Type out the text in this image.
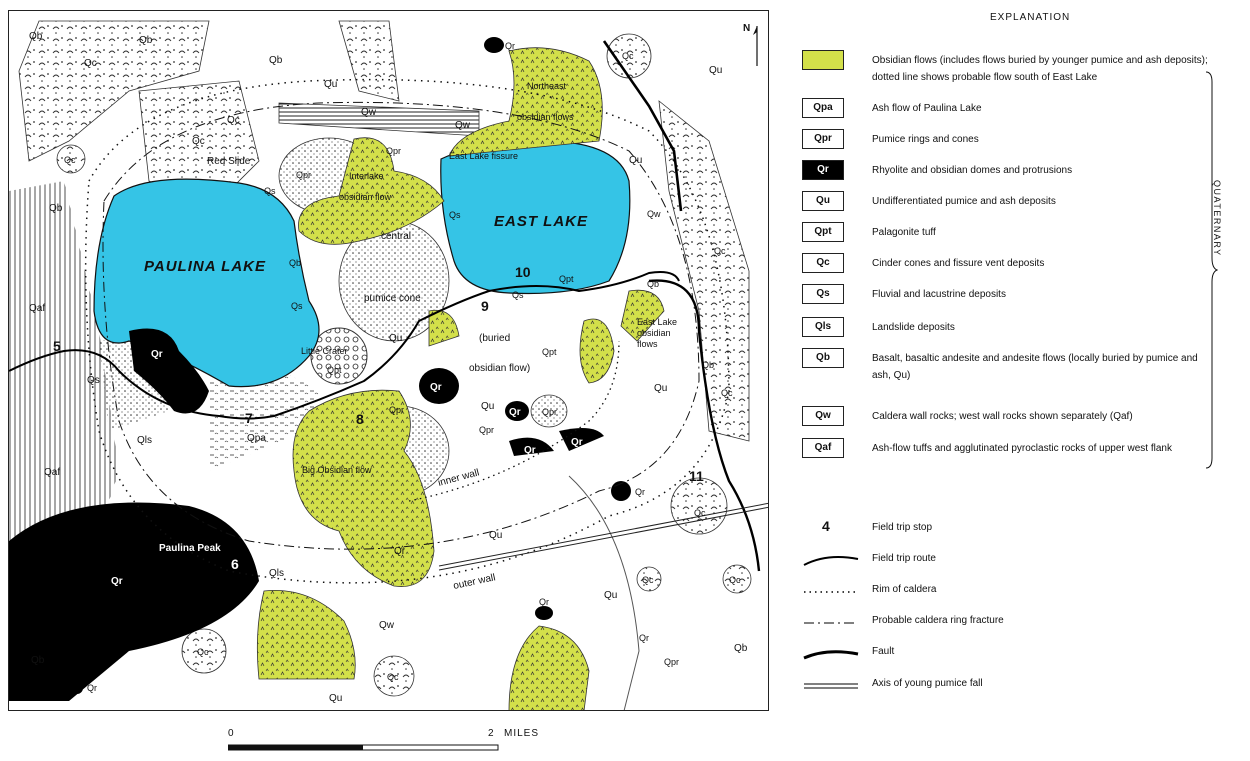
N
PAULINA LAKE
EAST LAKE
Red Slide
Little Crater
central
pumice cone
(buried
obsidian flow)
East Lake fissure
Interlake
obsidian flow
Northeast
obsidian flows
East Lake
obsidian
flows
Big Obsidian flow	inner wall
outer wall
Paulina Peak
Qb	Qb
Qb
Qc
Qc
Qc
Qc
Qc
Qc
Qc
Qc
Qc	Qc
Qc
Qc
Qb
Qb
Qb
Qb
Qb
Qb
Qu
Qu
Qu
Qu
Qu
Qu
Qu
Qu
Qu
Qr
Qr
Qr
Qr
Qr
Qr
Qr
Qr
Qr
Qr
Qr
Qr
Qs
Qs
Qs
Qs
Qs
Qls
Qls
Qpr
Qpr
Qpr
Qpr
Qpr
Qpr
Qpa
Qpt
Qpt
Qpt
Qw
Qw
Qw
Qw
Qaf
Qaf
5
6
7	8
9
10
11
0	2 MILES
EXPLANATION
Obsidian flows (includes flows buried by younger pumice and ash deposits); dotted line shows probable flow south of East Lake
Qpa	Ash flow of Paulina Lake
Qpr	Pumice rings and cones
Qr	Rhyolite and obsidian domes and protrusions
Qu	Undifferentiated pumice and ash deposits
Qpt	Palagonite tuff
Qc	Cinder cones and fissure vent deposits
Qs	Fluvial and lacustrine deposits
Qls	Landslide deposits
Qb	Basalt, basaltic andesite and andesite flows (locally buried by pumice and ash, Qu)
Qw	Caldera wall rocks; west wall rocks shown separately (Qaf)
Qaf	Ash-flow tuffs and agglutinated pyroclastic rocks of upper west flank
QUATERNARY
4	Field trip stop
Field trip route
Rim of caldera
Probable caldera ring fracture
Fault
Axis of young pumice fall
